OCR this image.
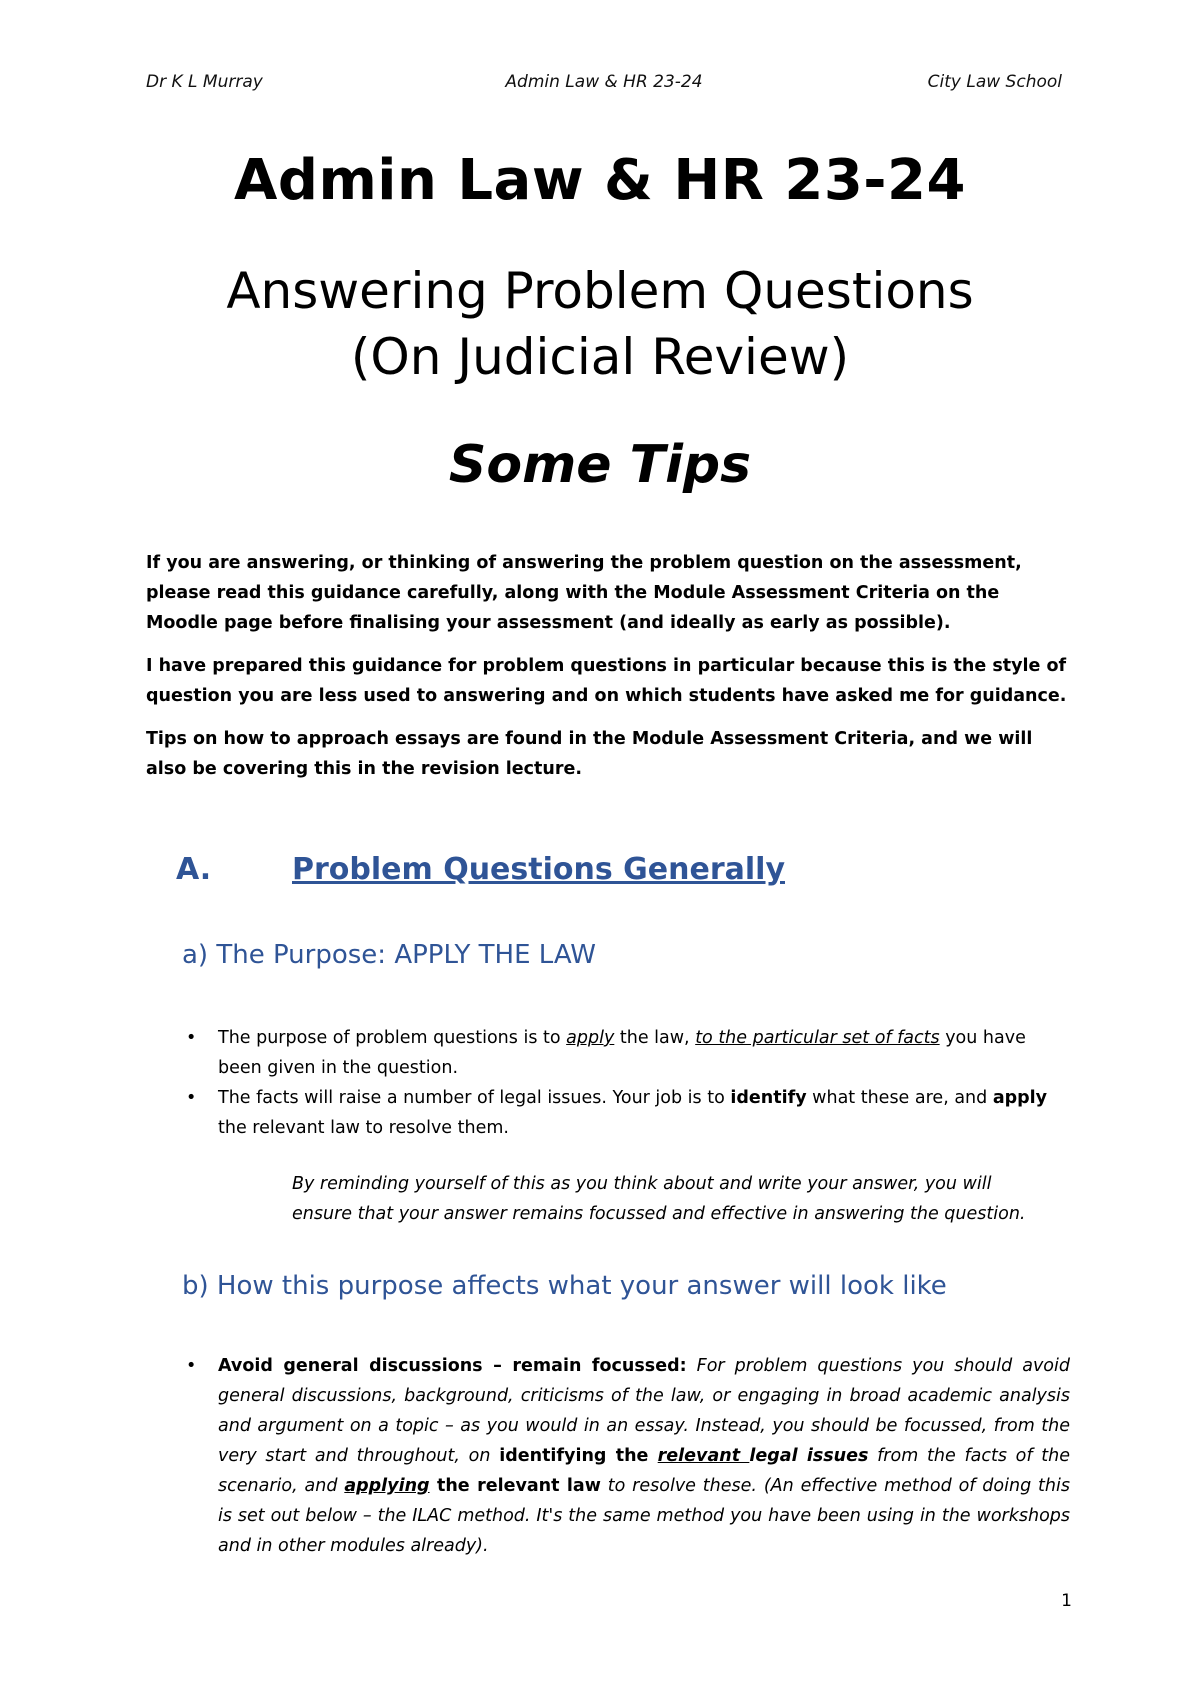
Dr K L Murray	Admin Law & HR 23-24	City Law School
Admin Law & HR 23-24
Answering Problem Questions
(On Judicial Review)
Some Tips

If you are answering, or thinking of answering the problem question on the assessment, please read this guidance carefully, along with the Module Assessment Criteria on the Moodle page before finalising your assessment (and ideally as early as possible).

I have prepared this guidance for problem questions in particular because this is the style of question you are less used to answering and on which students have asked me for guidance.

Tips on how to approach essays are found in the Module Assessment Criteria, and we will also be covering this in the revision lecture.

A.	Problem Questions Generally
a) The Purpose: APPLY THE LAW
• The purpose of problem questions is to apply the law, to the particular set of facts you have been given in the question.
• The facts will raise a number of legal issues. Your job is to identify what these are, and apply the relevant law to resolve them.

By reminding yourself of this as you think about and write your answer, you will
ensure that your answer remains focussed and effective in answering the question.

b) How this purpose affects what your answer will look like
• Avoid general discussions – remain focussed: For problem questions you should avoid general discussions, background, criticisms of the law, or engaging in broad academic analysis and argument on a topic – as you would in an essay. Instead, you should be focussed, from the very start and throughout, on identifying the relevant legal issues from the facts of the scenario, and applying the relevant law to resolve these. (An effective method of doing this is set out below – the ILAC method. It's the same method you have been using in the workshops and in other modules already).
1
